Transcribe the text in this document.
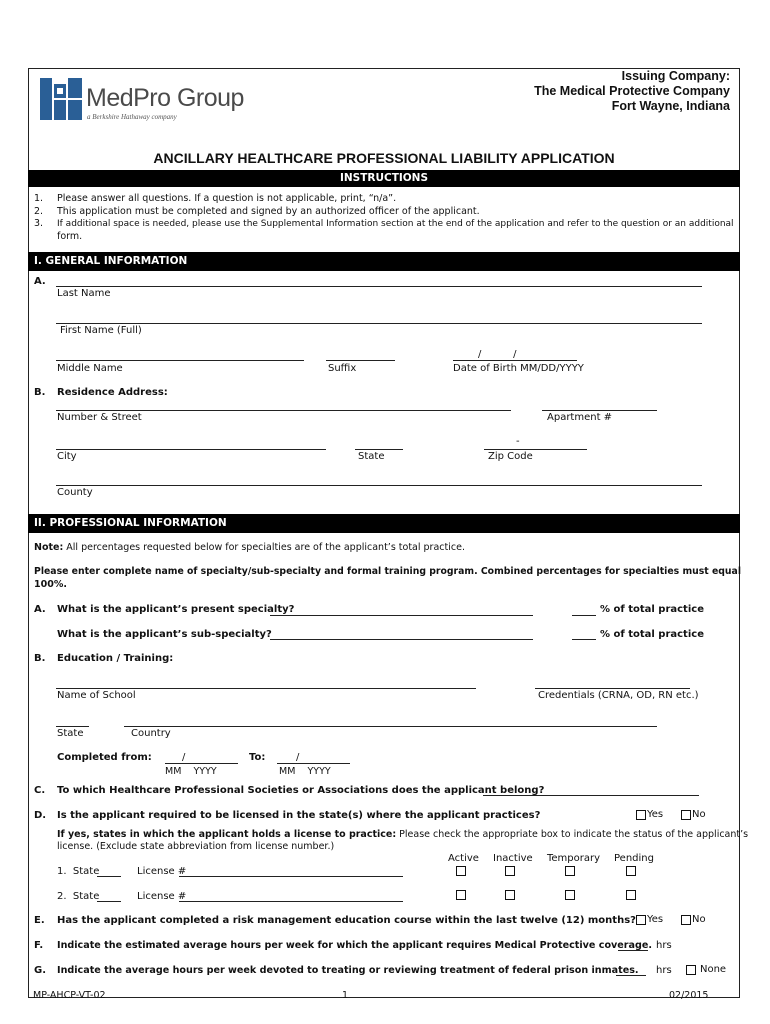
MedPro Group
a Berkshire Hathaway company
Issuing Company:
The Medical Protective Company
Fort Wayne, Indiana
ANCILLARY HEALTHCARE PROFESSIONAL LIABILITY APPLICATION
INSTRUCTIONS
1. Please answer all questions. If a question is not applicable, print, “n/a”.
2. This application must be completed and signed by an authorized officer of the applicant.
3. If additional space is needed, please use the Supplemental Information section at the end of the application and refer to the question or an additional
form.
I. GENERAL INFORMATION
A.
Last Name
First Name (Full)
Middle Name	Suffix
/          /
Date of Birth MM/DD/YYYY
B. Residence Address:
Number & Street	Apartment #
City	State
-
Zip Code
County
II. PROFESSIONAL INFORMATION
Note: All percentages requested below for specialties are of the applicant’s total practice.
Please enter complete name of specialty/sub-specialty and formal training program. Combined percentages for specialties must equal
100%.
A. What is the applicant’s present specialty?	% of total practice
What is the applicant’s sub-specialty?	% of total practice
B. Education / Training:
Name of School	Credentials (CRNA, OD, RN etc.)
State	Country
Completed from:	/	To:	/
MM    YYYY	MM    YYYY
C. To which Healthcare Professional Societies or Associations does the applicant belong?
D. Is the applicant required to be licensed in the state(s) where the applicant practices?	Yes	No
If yes, states in which the applicant holds a license to practice: Please check the appropriate box to indicate the status of the applicant’s
license. (Exclude state abbreviation from license number.)
Active Inactive Temporary Pending
1.  State	License #
2.  State	License #
E. Has the applicant completed a risk management education course within the last twelve (12) months? Yes	No
F. Indicate the estimated average hours per week for which the applicant requires Medical Protective coverage. hrs
G. Indicate the average hours per week devoted to treating or reviewing treatment of federal prison inmates. hrs	None
MP-AHCP-VT-02	1	02/2015
